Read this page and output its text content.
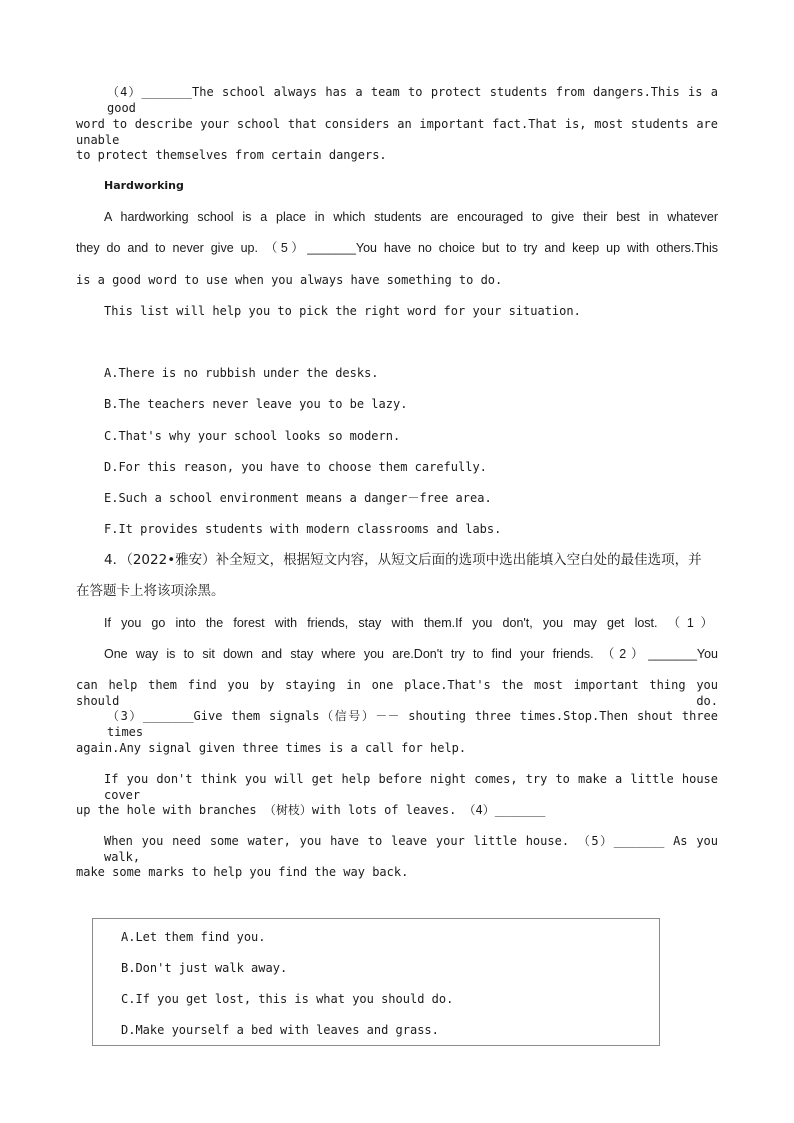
（4）_______The school always has a team to protect students from dangers.This is a good
word to describe your school that considers an important fact.That is, most students are unable
to protect themselves from certain dangers.
Hardworking
A hardworking school is a place in which students are encouraged to give their best in whatever
they do and to never give up. （5）_______You have no choice but to try and keep up with others.This
is a good word to use when you always have something to do.
This list will help you to pick the right word for your situation.
A.There is no rubbish under the desks.
B.The teachers never leave you to be lazy.
C.That's why your school looks so modern.
D.For this reason, you have to choose them carefully.
E.Such a school environment means a danger－free area.
F.It provides students with modern classrooms and labs.
4．（2022•雅安）补全短文，根据短文内容，从短文后面的选项中选出能填入空白处的最佳选项，并
在答题卡上将该项涂黑。
If you go into the forest with friends, stay with them.If you don't, you may get lost. （1）
One way is to sit down and stay where you are.Don't try to find your friends. （2）_______You
can help them find you by staying in one place.That's the most important thing you should do.
（3）_______Give them signals（信号）－－ shouting three times.Stop.Then shout three times
again.Any signal given three times is a call for help.
If you don't think you will get help before night comes, try to make a little house cover
up the hole with branches （树枝）with lots of leaves. （4）_______
When you need some water, you have to leave your little house. （5）_______ As you walk,
make some marks to help you find the way back.
A.Let them find you.
B.Don't just walk away.
C.If you get lost, this is what you should do.
D.Make yourself a bed with leaves and grass.
